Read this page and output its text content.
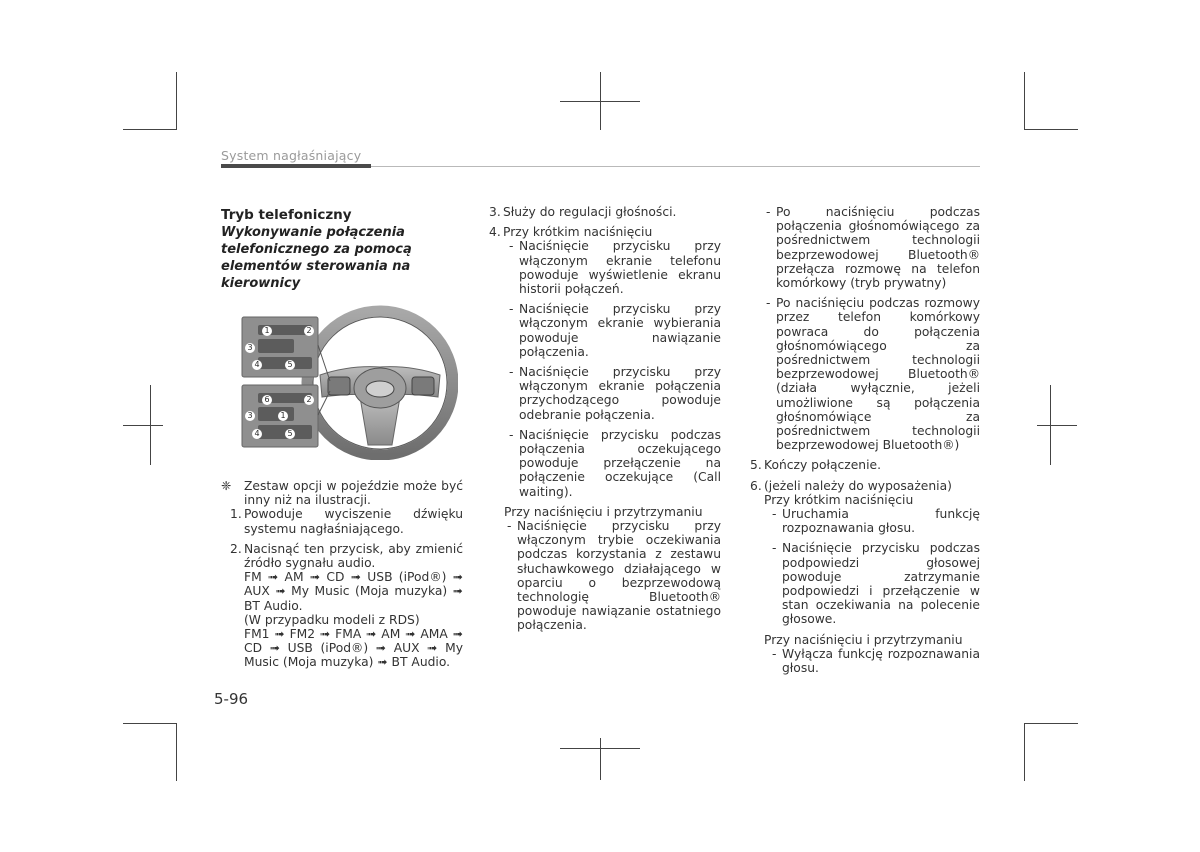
System nagłaśniający

Tryb telefoniczny

Wykonywanie połączenia telefonicznego za pomocą elementów sterowania na kierownicy

1	2
3
4	5
6
1
2
3
4	5
❈ Zestaw opcji w pojeździe może być inny niż na ilustracji.

1. Powoduje wyciszenie dźwięku systemu nagłaśniającego.

2. Nacisnąć ten przycisk, aby zmienić źródło sygnału audio.

FM ➟ AM ➟ CD ➟ USB (iPod®) ➟ AUX ➟ My Music (Moja muzyka) ➟ BT Audio.

(W przypadku modeli z RDS)

FM1 ➟ FM2 ➟ FMA ➟ AM ➟ AMA ➟ CD ➟ USB (iPod®) ➟ AUX ➟ My Music (Moja muzyka) ➟ BT Audio.

3. Służy do regulacji głośności.

4. Przy krótkim naciśnięciu

- Naciśnięcie przycisku przy włączonym ekranie telefonu powoduje wyświetlenie ekranu historii połączeń.

- Naciśnięcie przycisku przy włączonym ekranie wybierania powoduje nawiązanie połączenia.

- Naciśnięcie przycisku przy włączonym ekranie połączenia przychodzącego powoduje odebranie połączenia.

- Naciśnięcie przycisku podczas połączenia oczekującego powoduje przełączenie na połączenie oczekujące (Call waiting).

Przy naciśnięciu i przytrzymaniu

- Naciśnięcie przycisku przy włączonym trybie oczekiwania podczas korzystania z zestawu słuchawkowego działającego w oparciu o bezprzewodową technologię Bluetooth® powoduje nawiązanie ostatniego połączenia.

- Po naciśnięciu podczas połączenia głośnomówiącego za pośrednictwem technologii bezprzewodowej Bluetooth® przełącza rozmowę na telefon komórkowy (tryb prywatny)

- Po naciśnięciu podczas rozmowy przez telefon komórkowy powraca do połączenia głośnomówiącego za pośrednictwem technologii bezprzewodowej Bluetooth® (działa wyłącznie, jeżeli umożliwione są połączenia głośnomówiące za pośrednictwem technologii bezprzewodowej Bluetooth®)

5. Kończy połączenie.

6. (jeżeli należy do wyposażenia)

Przy krótkim naciśnięciu

- Uruchamia funkcję rozpoznawania głosu.

- Naciśnięcie przycisku podczas podpowiedzi głosowej powoduje zatrzymanie podpowiedzi i przełączenie w stan oczekiwania na polecenie głosowe.

Przy naciśnięciu i przytrzymaniu

- Wyłącza funkcję rozpoznawania głosu.

5-96
